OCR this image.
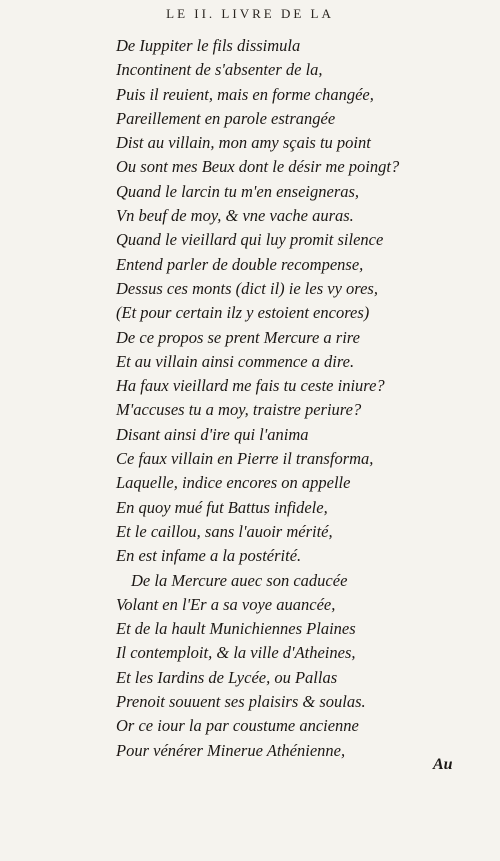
LE II. LIVRE DE LA
De Iuppiter le fils dissimula
Incontinent de s'absenter de la,
Puis il reuient, mais en forme changée,
Pareillement en parole estrangée
Dist au villain, mon amy sçais tu point
Ou sont mes Beux dont le désir me poingt?
Quand le larcin tu m'en enseigneras,
Vn beuf de moy, & vne vache auras.
Quand le vieillard qui luy promit silence
Entend parler de double recompense,
Dessus ces monts (dict il) ie les vy ores,
(Et pour certain ilz y estoient encores)
De ce propos se prent Mercure a rire
Et au villain ainsi commence a dire.
Ha faux vieillard me fais tu ceste iniure?
M'accuses tu a moy, traistre periure?
Disant ainsi d'ire qui l'anima
Ce faux villain en Pierre il transforma,
Laquelle, indice encores on appelle
En quoy mué fut Battus infidele,
Et le caillou, sans l'auoir mérité,
En est infame a la postérité.
De la Mercure auec son caducée
Volant en l'Er a sa voye auancée,
Et de la hault Munichiennes Plaines
Il contemploit, & la ville d'Atheines,
Et les Iardins de Lycée, ou Pallas
Prenoit souuent ses plaisirs & soulas.
Or ce iour la par coustume ancienne
Pour vénérer Minerue Athénienne,
Au
